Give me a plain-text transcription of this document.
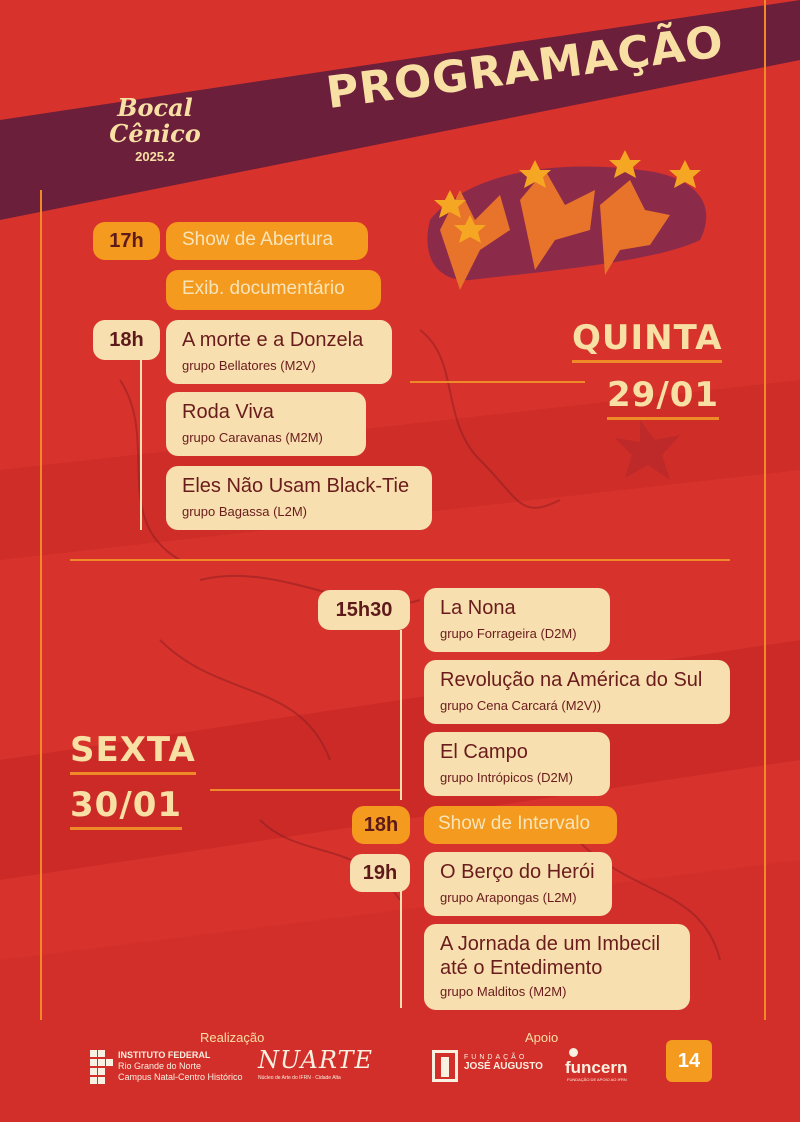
Bocal Cênico
2025.2
PROGRAMAÇÃO
QUINTA
29/01
17h	Show de Abertura
Exib. documentário
18h	A morte e a Donzela
grupo Bellatores (M2V)
Roda Viva
grupo Caravanas (M2M)
Eles Não Usam Black-Tie
grupo Bagassa (L2M)
SEXTA
30/01
15h30	La Nona
grupo Forrageira (D2M)
Revolução na América do Sul
grupo Cena Carcará (M2V))
El Campo
grupo Intrópicos (D2M)
18h	Show de Intervalo
19h	O Berço do Herói
grupo Arapongas (L2M)
A Jornada de um Imbecil até o Entedimento
grupo Malditos (M2M)
Realização	Apoio
INSTITUTO FEDERAL
Rio Grande do Norte
Campus Natal-Centro Histórico
NUARTE
Núcleo de Arte do IFRN · Cidade Alta
FUNDAÇÃO
JOSÉ AUGUSTO funcern
FUNDAÇÃO DE APOIO AO IFRN
14
